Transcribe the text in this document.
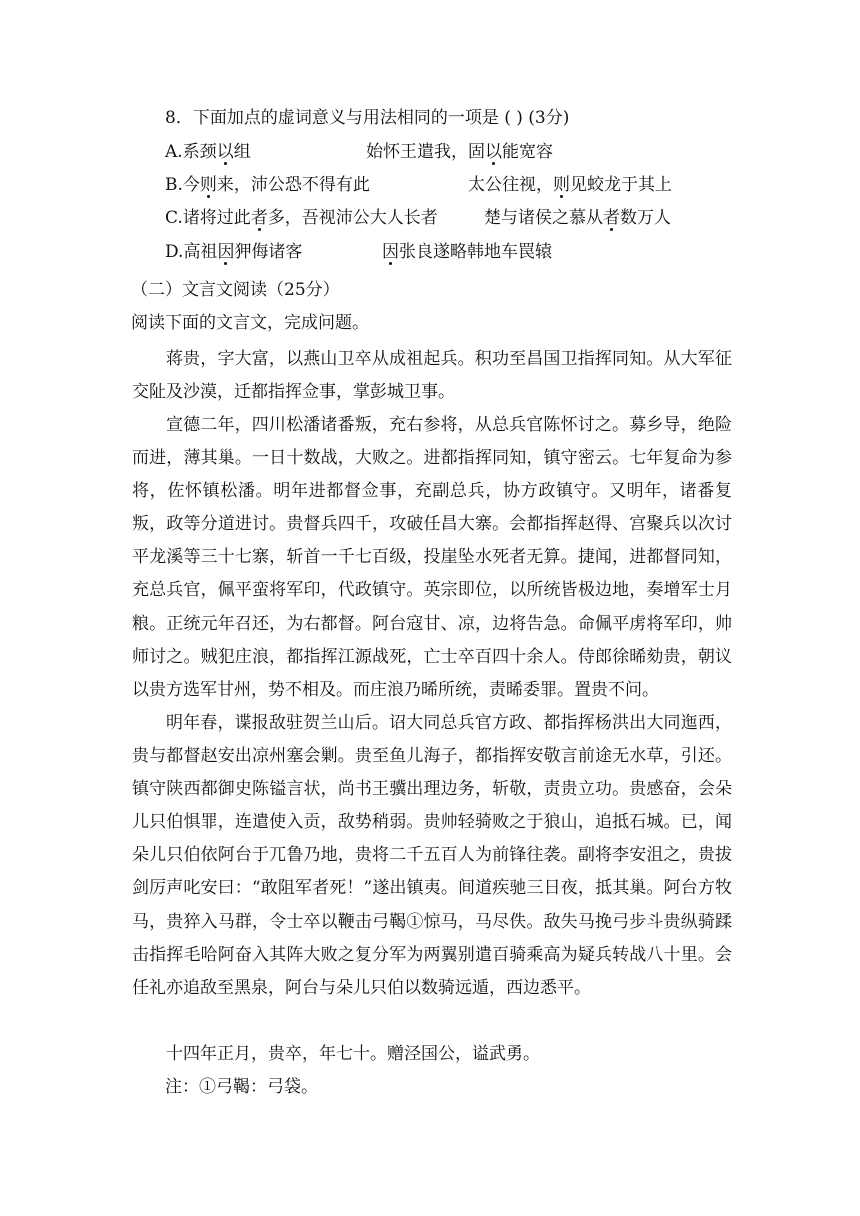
8．下面加点的虚词意义与用法相同的一项是 ( ) (3分)
A.系颈以组	始怀王遣我，固以能宽容
B.今则来，沛公恐不得有此	太公往视，则见蛟龙于其上
C.诸将过此者多，吾视沛公大人长者	楚与诸侯之慕从者数万人
D.高祖因狎侮诸客	因张良遂略韩地车罠辕
（二）文言文阅读（25分）
阅读下面的文言文，完成问题。
蒋贵，字大富，以燕山卫卒从成祖起兵。积功至昌国卫指挥同知。从大军征交阯及沙漠，迁都指挥佥事，掌彭城卫事。
宣德二年，四川松潘诸番叛，充右参将，从总兵官陈怀讨之。募乡导，绝险而进，薄其巢。一日十数战，大败之。进都指挥同知，镇守密云。七年复命为参将，佐怀镇松潘。明年进都督佥事，充副总兵，协方政镇守。又明年，诸番复叛，政等分道进讨。贵督兵四千，攻破任昌大寨。会都指挥赵得、宫聚兵以次讨平龙溪等三十七寨，斩首一千七百级，投崖坠水死者无算。捷闻，进都督同知，充总兵官，佩平蛮将军印，代政镇守。英宗即位，以所统皆极边地，奏增军士月粮。正统元年召还，为右都督。阿台寇甘、凉，边将告急。命佩平虏将军印，帅师讨之。贼犯庄浪，都指挥江源战死，亡士卒百四十余人。侍郎徐晞劾贵，朝议以贵方选军甘州，势不相及。而庄浪乃晞所统，责晞委罪。置贵不问。
明年春，谍报敌驻贺兰山后。诏大同总兵官方政、都指挥杨洪出大同迤西，贵与都督赵安出凉州塞会剿。贵至鱼儿海子，都指挥安敬言前途无水草，引还。镇守陕西都御史陈镒言状，尚书王骥出理边务，斩敬，责贵立功。贵感奋，会朵儿只伯惧罪，连遣使入贡，敌势稍弱。贵帅轻骑败之于狼山，追抵石城。已，闻朵儿只伯依阿台于兀鲁乃地，贵将二千五百人为前锋往袭。副将李安沮之，贵拔剑厉声叱安曰：“敢阻军者死！”遂出镇夷。间道疾驰三日夜，抵其巢。阿台方牧马，贵猝入马群，令士卒以鞭击弓鞨①惊马，马尽佚。敌失马挽弓步斗贵纵骑蹂击指挥毛哈阿奋入其阵大败之复分军为两翼别遣百骑乘高为疑兵转战八十里。会任礼亦追敌至黑泉，阿台与朵儿只伯以数骑远遁，西边悉平。
十四年正月，贵卒，年七十。赠泾国公，谥武勇。
注：①弓鞨：弓袋。
